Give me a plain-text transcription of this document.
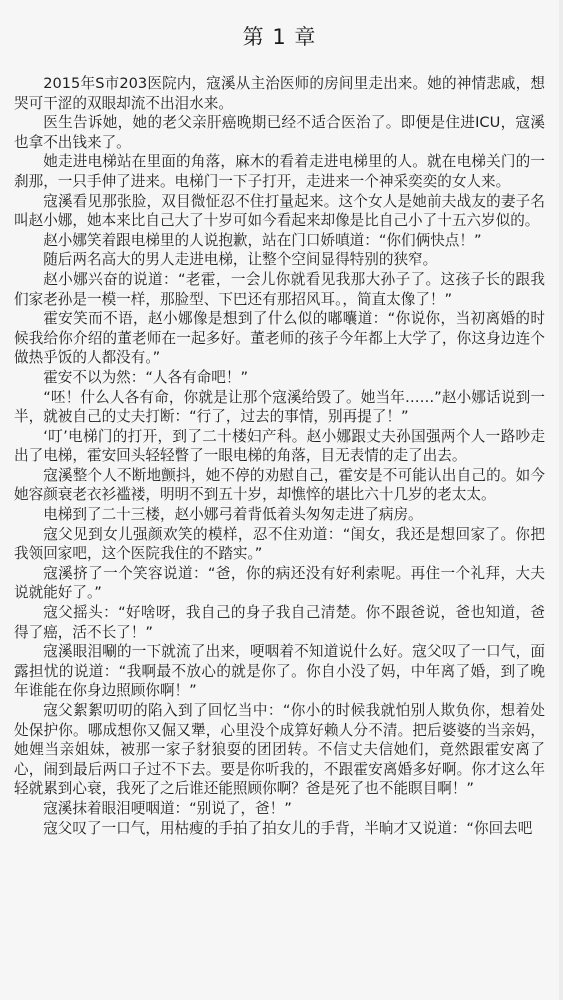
第 1 章

2015年S市203医院内，寇溪从主治医师的房间里走出来。她的神情悲戚，想哭可干涩的双眼却流不出泪水来。

医生告诉她，她的老父亲肝癌晚期已经不适合医治了。即便是住进ICU，寇溪也拿不出钱来了。

她走进电梯站在里面的角落，麻木的看着走进电梯里的人。就在电梯关门的一刹那，一只手伸了进来。电梯门一下子打开，走进来一个神采奕奕的女人来。

寇溪看见那张脸，双目微怔忍不住打量起来。这个女人是她前夫战友的妻子名叫赵小娜，她本来比自己大了十岁可如今看起来却像是比自己小了十五六岁似的。

赵小娜笑着跟电梯里的人说抱歉，站在门口娇嗔道：“你们俩快点！”

随后两名高大的男人走进电梯，让整个空间显得特别的狭窄。

赵小娜兴奋的说道：“老霍，一会儿你就看见我那大孙子了。这孩子长的跟我们家老孙是一模一样，那脸型、下巴还有那招风耳。，简直太像了！”

霍安笑而不语，赵小娜像是想到了什么似的嘟囔道：“你说你，当初离婚的时候我给你介绍的董老师在一起多好。董老师的孩子今年都上大学了，你这身边连个做热乎饭的人都没有。”

霍安不以为然：“人各有命吧！”

“呸！什么人各有命，你就是让那个寇溪给毁了。她当年……”赵小娜话说到一半，就被自己的丈夫打断：“行了，过去的事情，别再提了！”

‘叮’电梯门的打开，到了二十楼妇产科。赵小娜跟丈夫孙国强两个人一路吵走出了电梯，霍安回头轻轻瞥了一眼电梯的角落，目无表情的走了出去。

寇溪整个人不断地颤抖，她不停的劝慰自己，霍安是不可能认出自己的。如今她容颜衰老衣衫褴褛，明明不到五十岁，却憔悴的堪比六十几岁的老太太。

电梯到了二十三楼，赵小娜弓着背低着头匆匆走进了病房。

寇父见到女儿强颜欢笑的模样，忍不住劝道：“闺女，我还是想回家了。你把我领回家吧，这个医院我住的不踏实。”

寇溪挤了一个笑容说道：“爸，你的病还没有好利索呢。再住一个礼拜，大夫说就能好了。”

寇父摇头：“好啥呀，我自己的身子我自己清楚。你不跟爸说，爸也知道，爸得了癌，活不长了！”

寇溪眼泪唰的一下就流了出来，哽咽着不知道说什么好。寇父叹了一口气，面露担忧的说道：“我啊最不放心的就是你了。你自小没了妈，中年离了婚，到了晚年谁能在你身边照顾你啊！”

寇父絮絮叨叨的陷入到了回忆当中：“你小的时候我就怕别人欺负你，想着处处保护你。哪成想你又倔又犟，心里没个成算好赖人分不清。把后婆婆的当亲妈，她娌当亲姐妹，被那一家子豺狼耍的团团转。不信丈夫信她们，竟然跟霍安离了心，闹到最后两口子过不下去。要是你听我的，不跟霍安离婚多好啊。你才这么年轻就累到心衰，我死了之后谁还能照顾你啊？爸是死了也不能瞑目啊！”

寇溪抹着眼泪哽咽道：“别说了，爸！”

寇父叹了一口气，用枯瘦的手拍了拍女儿的手背，半晌才又说道：“你回去吧
